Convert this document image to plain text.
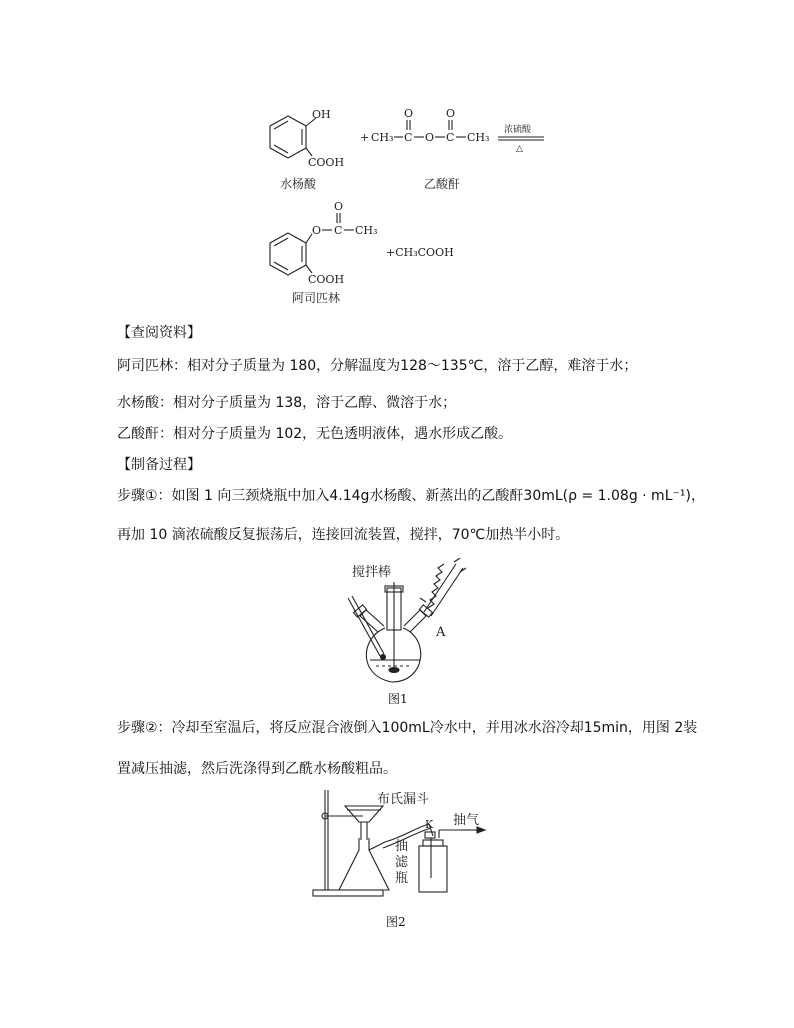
OH
COOH
+ CH₃ C
O
O C
O
CH₃
浓硫酸
△
水杨酸	乙酸酐
O C
O
CH₃
COOH
+CH₃COOH
阿司匹林
【查阅资料】
阿司匹林：相对分子质量为 180，分解温度为128～135℃，溶于乙醇，难溶于水；
水杨酸：相对分子质量为 138，溶于乙醇、微溶于水；
乙酸酐：相对分子质量为 102，无色透明液体，遇水形成乙酸。
【制备过程】
步骤①：如图 1 向三颈烧瓶中加入4.14g水杨酸、新蒸出的乙酸酐30mL(ρ = 1.08g · mL⁻¹)，
再加 10 滴浓硫酸反复振荡后，连接回流装置，搅拌，70℃加热半小时。
搅拌棒
A
图1
步骤②：冷却至室温后，将反应混合液倒入100mL冷水中，并用冰水浴冷却15min，用图 2装
置减压抽滤，然后洗涤得到乙酰水杨酸粗品。
布氏漏斗
K
抽
滤
瓶
抽气
图2
